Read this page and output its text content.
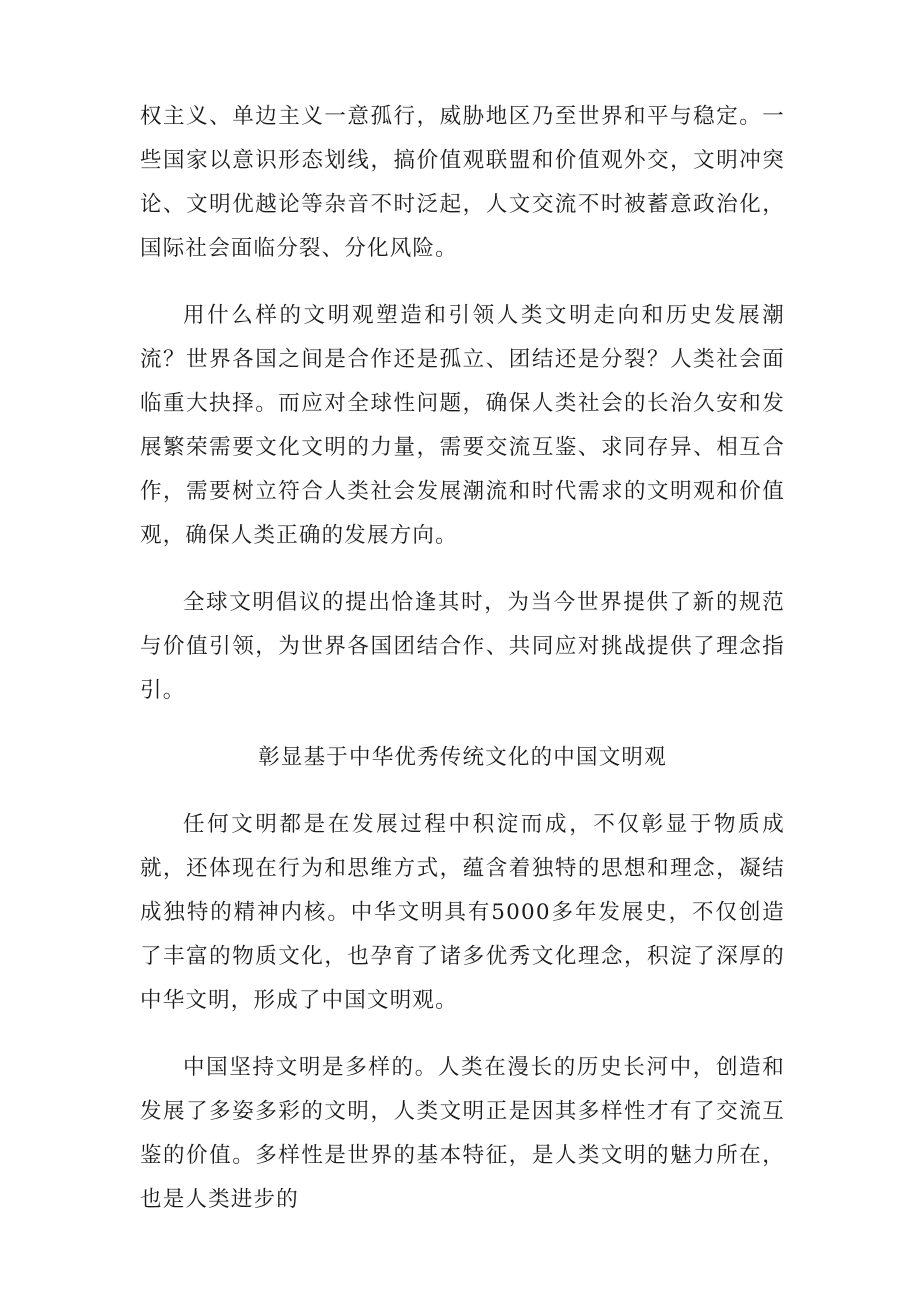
权主义、单边主义一意孤行，威胁地区乃至世界和平与稳定。一些国家以意识形态划线，搞价值观联盟和价值观外交，文明冲突论、文明优越论等杂音不时泛起，人文交流不时被蓄意政治化，国际社会面临分裂、分化风险。

用什么样的文明观塑造和引领人类文明走向和历史发展潮流？世界各国之间是合作还是孤立、团结还是分裂？人类社会面临重大抉择。而应对全球性问题，确保人类社会的长治久安和发展繁荣需要文化文明的力量，需要交流互鉴、求同存异、相互合作，需要树立符合人类社会发展潮流和时代需求的文明观和价值观，确保人类正确的发展方向。

全球文明倡议的提出恰逢其时，为当今世界提供了新的规范与价值引领，为世界各国团结合作、共同应对挑战提供了理念指引。

彰显基于中华优秀传统文化的中国文明观

任何文明都是在发展过程中积淀而成，不仅彰显于物质成就，还体现在行为和思维方式，蕴含着独特的思想和理念，凝结成独特的精神内核。中华文明具有5000多年发展史，不仅创造了丰富的物质文化，也孕育了诸多优秀文化理念，积淀了深厚的中华文明，形成了中国文明观。

中国坚持文明是多样的。人类在漫长的历史长河中，创造和发展了多姿多彩的文明，人类文明正是因其多样性才有了交流互鉴的价值。多样性是世界的基本特征，是人类文明的魅力所在，也是人类进步的
